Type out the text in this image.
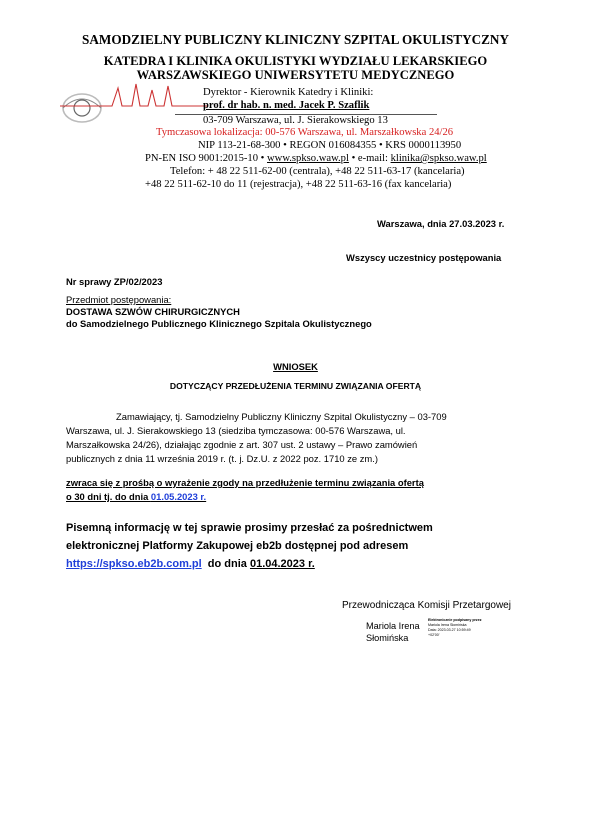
SAMODZIELNY PUBLICZNY KLINICZNY SZPITAL OKULISTYCZNY
KATEDRA I KLINIKA OKULISTYKI WYDZIAŁU LEKARSKIEGO
WARSZAWSKIEGO UNIWERSYTETU MEDYCZNEGO
Dyrektor - Kierownik Katedry i Kliniki:
prof. dr hab. n. med. Jacek P. Szaflik
03-709 Warszawa, ul. J. Sierakowskiego 13
Tymczasowa lokalizacja: 00-576 Warszawa, ul. Marszałkowska 24/26
NIP 113-21-68-300 • REGON 016084355 • KRS 0000113950
PN-EN ISO 9001:2015-10 • www.spkso.waw.pl • e-mail: klinika@spkso.waw.pl
Telefon: + 48 22 511-62-00 (centrala), +48 22 511-63-17 (kancelaria)
+48 22 511-62-10 do 11 (rejestracja), +48 22 511-63-16 (fax kancelaria)
Warszawa, dnia 27.03.2023 r.
Wszyscy uczestnicy postępowania
Nr sprawy ZP/02/2023
Przedmiot postępowania:
DOSTAWA SZWÓW CHIRURGICZNYCH
do Samodzielnego Publicznego Klinicznego Szpitala Okulistycznego
WNIOSEK
DOTYCZĄCY PRZEDŁUŻENIA TERMINU ZWIĄZANIA OFERTĄ
Zamawiający, tj. Samodzielny Publiczny Kliniczny Szpital Okulistyczny – 03-709
Warszawa, ul. J. Sierakowskiego 13 (siedziba tymczasowa: 00-576 Warszawa, ul.
Marszałkowska 24/26), działając zgodnie z art. 307 ust. 2 ustawy – Prawo zamówień
publicznych z dnia 11 września 2019 r. (t. j. Dz.U. z 2022 poz. 1710 ze zm.)
zwraca się z prośbą o wyrażenie zgody na przedłużenie terminu związania ofertą
o 30 dni tj. do dnia 01.05.2023 r.
Pisemną informację w tej sprawie prosimy przesłać za pośrednictwem
elektronicznej Platformy Zakupowej eb2b dostępnej pod adresem
https://spkso.eb2b.com.pl  do dnia 01.04.2023 r.
Przewodnicząca Komisji Przetargowej
Mariola Irena
Słomińska
Elektronicznie podpisany przez
Mariola Irena Słomińska
Data: 2023.03.27 10:59:49
+02'00'
